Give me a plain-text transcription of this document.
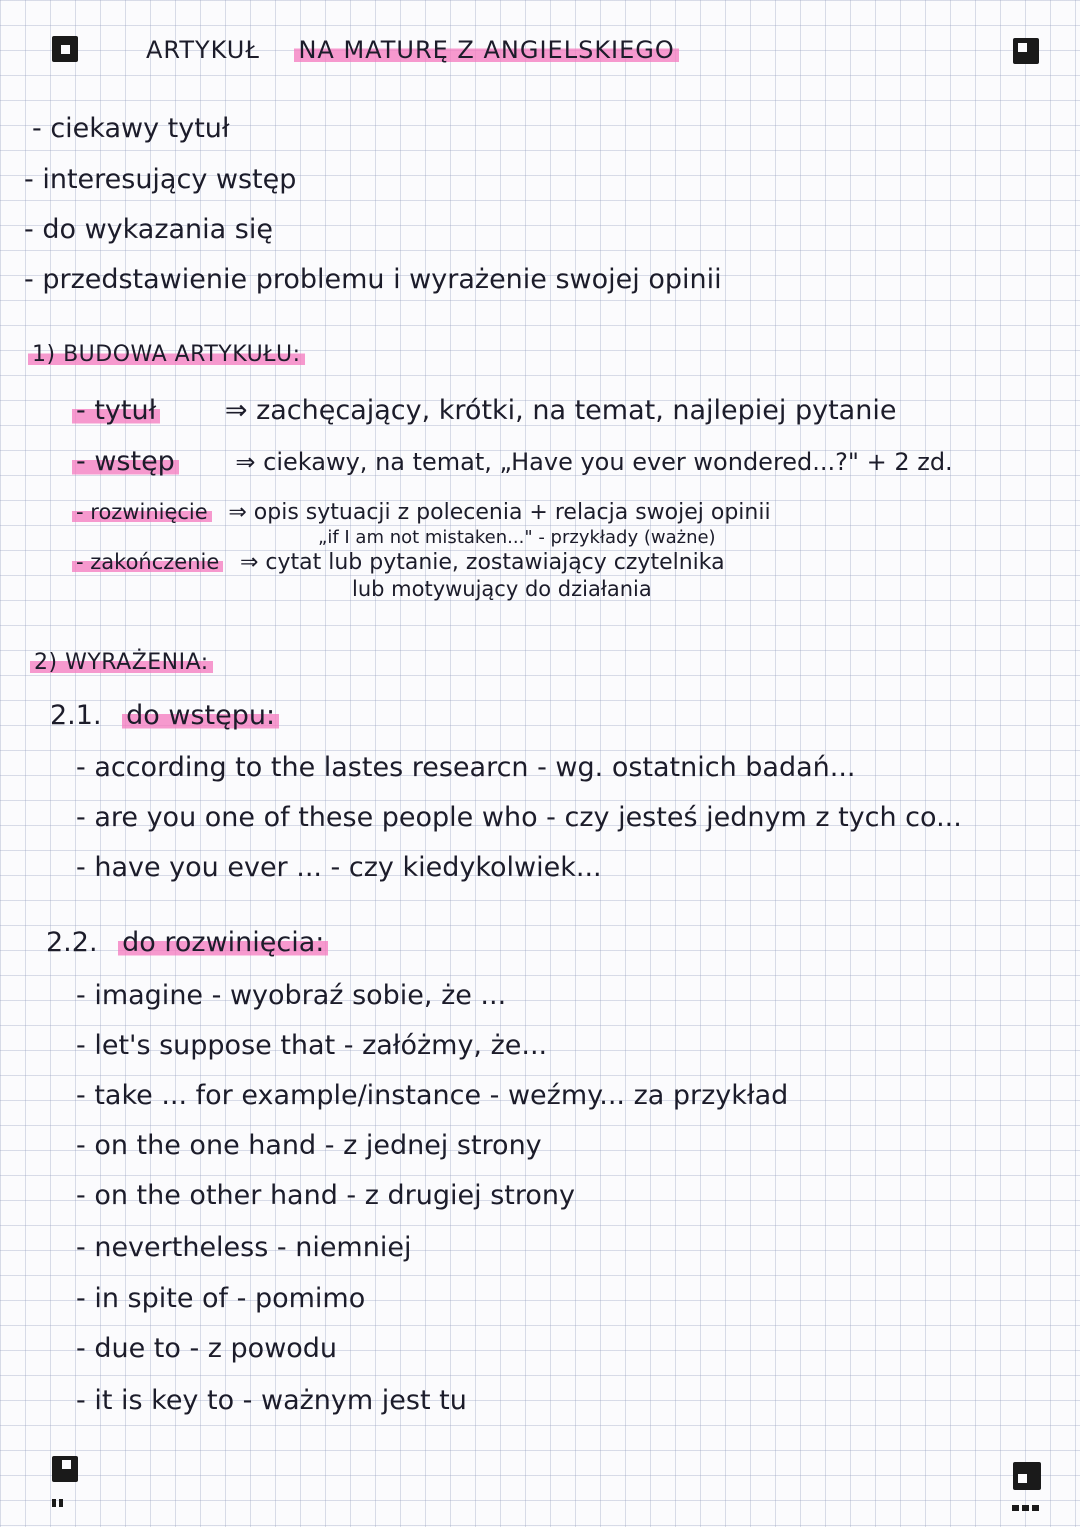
ARTYKUŁ NA MATURĘ Z ANGIELSKIEGO
- ciekawy tytuł
- interesujący wstęp
- do wykazania się
- przedstawienie problemu i wyrażenie swojej opinii
1) BUDOWA ARTYKUŁU:
- tytuł	⇒ zachęcający, krótki, na temat, najlepiej pytanie
- wstęp	⇒ ciekawy, na temat, „Have you ever wondered...?" + 2 zd.
- rozwinięcie ⇒ opis sytuacji z polecenia + relacja swojej opinii
„if I am not mistaken..." - przykłady (ważne)
- zakończenie ⇒ cytat lub pytanie, zostawiający czytelnika
lub motywujący do działania
2) WYRAŻENIA:
2.1. do wstępu:
- according to the lastes researcn - wg. ostatnich badań...
- are you one of these people who - czy jesteś jednym z tych co...
- have you ever ... - czy kiedykolwiek...
2.2. do rozwinięcia:
- imagine - wyobraź sobie, że ...
- let's suppose that - załóżmy, że...
- take ... for example/instance - weźmy... za przykład
- on the one hand - z jednej strony
- on the other hand - z drugiej strony
- nevertheless - niemniej
- in spite of - pomimo
- due to - z powodu
- it is key to - ważnym jest tu
